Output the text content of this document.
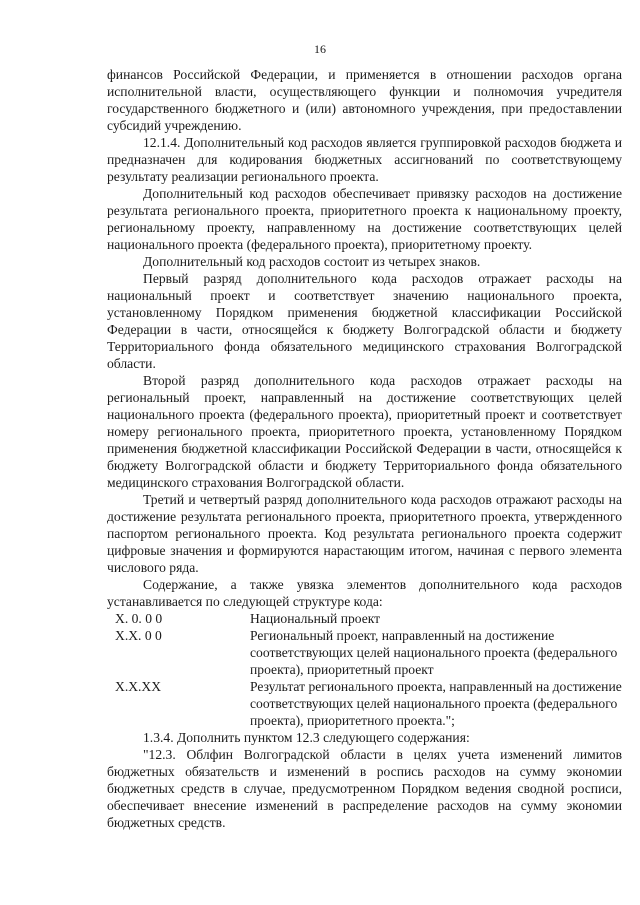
16

финансов Российской Федерации, и применяется в отношении расходов органа исполнительной власти, осуществляющего функции и полномочия учредителя государственного бюджетного и (или) автономного учреждения, при предоставлении субсидий учреждению.

12.1.4. Дополнительный код расходов является группировкой расходов бюджета и предназначен для кодирования бюджетных ассигнований по соответствующему результату реализации регионального проекта.

Дополнительный код расходов обеспечивает привязку расходов на достижение результата регионального проекта, приоритетного проекта к национальному проекту, региональному проекту, направленному на достижение соответствующих целей национального проекта (федерального проекта), приоритетному проекту.

Дополнительный код расходов состоит из четырех знаков.

Первый разряд дополнительного кода расходов отражает расходы на национальный проект и соответствует значению национального проекта, установленному Порядком применения бюджетной классификации Российской Федерации в части, относящейся к бюджету Волгоградской области и бюджету Территориального фонда обязательного медицинского страхования Волгоградской области.

Второй разряд дополнительного кода расходов отражает расходы на региональный проект, направленный на достижение соответствующих целей национального проекта (федерального проекта), приоритетный проект и соответствует номеру регионального проекта, приоритетного проекта, установленному Порядком применения бюджетной классификации Российской Федерации в части, относящейся к бюджету Волгоградской области и бюджету Территориального фонда обязательного медицинского страхования Волгоградской области.

Третий и четвертый разряд дополнительного кода расходов отражают расходы на достижение результата регионального проекта, приоритетного проекта, утвержденного паспортом регионального проекта. Код результата регионального проекта содержит цифровые значения и формируются нарастающим итогом, начиная с первого элемента числового ряда.

Содержание, а также увязка элементов дополнительного кода расходов устанавливается по следующей структуре кода:

X. 0. 0 0	Национальный проект
X.X. 0 0	Региональный проект, направленный на достижение соответствующих целей национального проекта (федерального проекта), приоритетный проект
X.X.XX	Результат регионального проекта, направленный на достижение соответствующих целей национального проекта (федерального проекта), приоритетного проекта.";

1.3.4. Дополнить пунктом 12.3 следующего содержания:

"12.3. Облфин Волгоградской области в целях учета изменений лимитов бюджетных обязательств и изменений в роспись расходов на сумму экономии бюджетных средств в случае, предусмотренном Порядком ведения сводной росписи, обеспечивает внесение изменений в распределение расходов на сумму экономии бюджетных средств.
